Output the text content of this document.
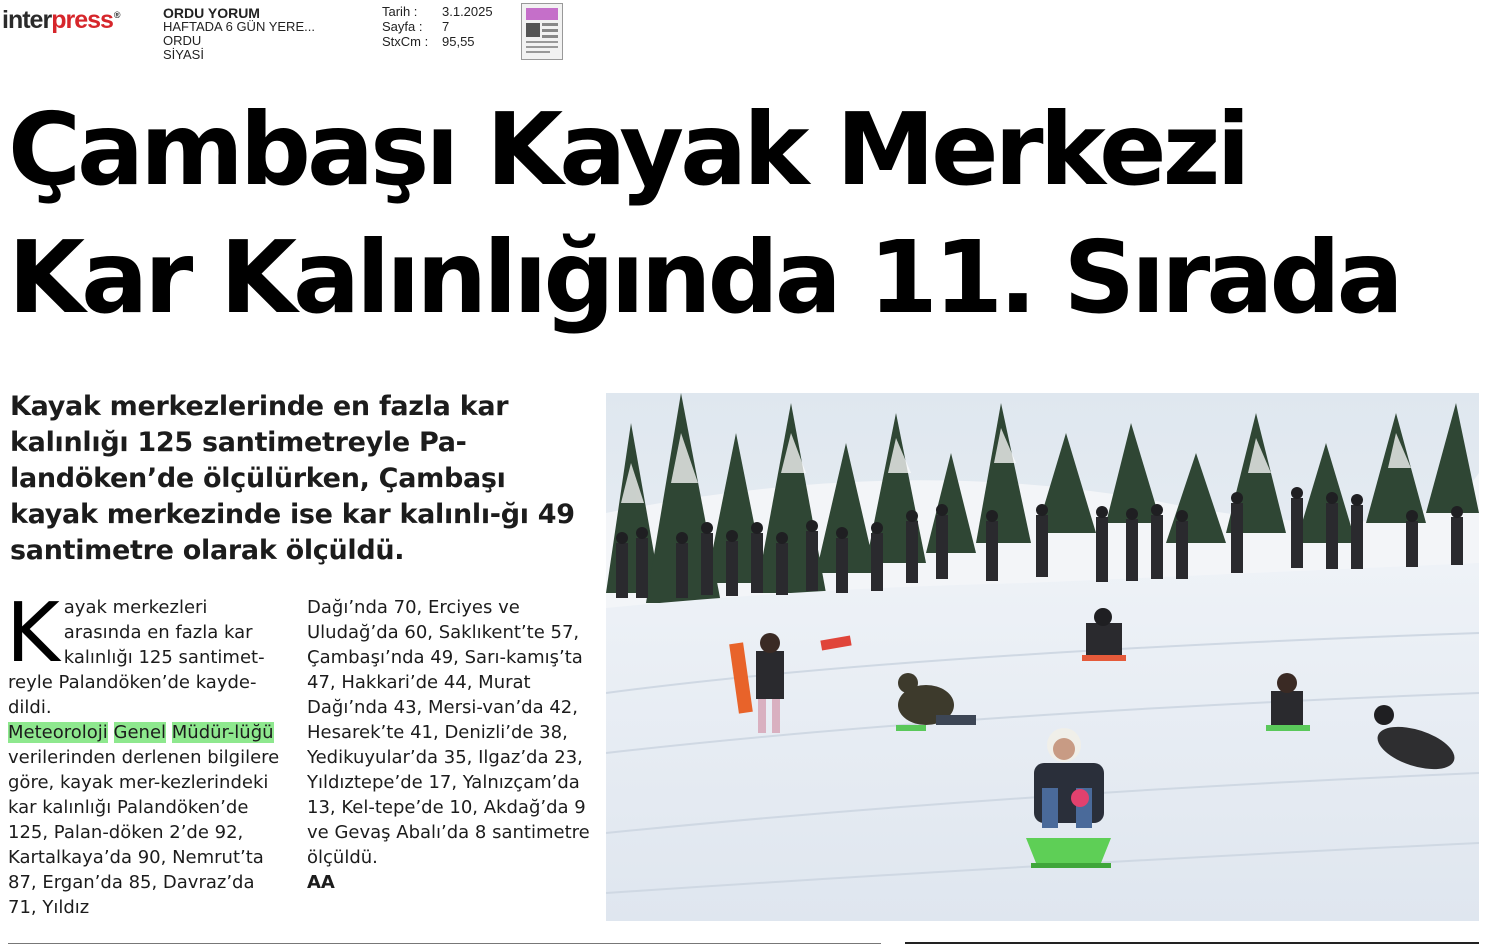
interpress®	ORDU YORUM
HAFTADA 6 GÜN YERE...
ORDU
SİYASİ
Tarih :	3.1.2025
Sayfa :	7
StxCm :	95,55
Çambaşı Kayak Merkezi
Kar Kalınlığında 11. Sırada

Kayak merkezlerinde en fazla kar kalınlığı 125 santimetreyle Pa-landöken’de ölçülürken, Çambaşı kayak merkezinde ise kar kalınlı-ğı 49 santimetre olarak ölçüldü.

K ayak merkezleri arasında en fazla kar kalınlığı 125 santimet-reyle Palandöken’de kayde-dildi.
Meteoroloji Genel Müdür-lüğü verilerinden derlenen bilgilere göre, kayak mer-kezlerindeki kar kalınlığı Palandöken’de 125, Palan-döken 2’de 92, Kartalkaya’da 90, Nemrut’ta 87, Ergan’da 85, Davraz’da 71, Yıldız
Dağı’nda 70, Erciyes ve Uludağ’da 60, Saklıkent’te 57, Çambaşı’nda 49, Sarı-kamış’ta 47, Hakkari’de 44, Murat Dağı’nda 43, Mersi-van’da 42, Hesarek’te 41, Denizli’de 38, Yedikuyular’da 35, Ilgaz’da 23, Yıldıztepe’de 17, Yalnızçam’da 13, Kel-tepe’de 10, Akdağ’da 9 ve Gevaş Abalı’da 8 santimetre ölçüldü.
AA
